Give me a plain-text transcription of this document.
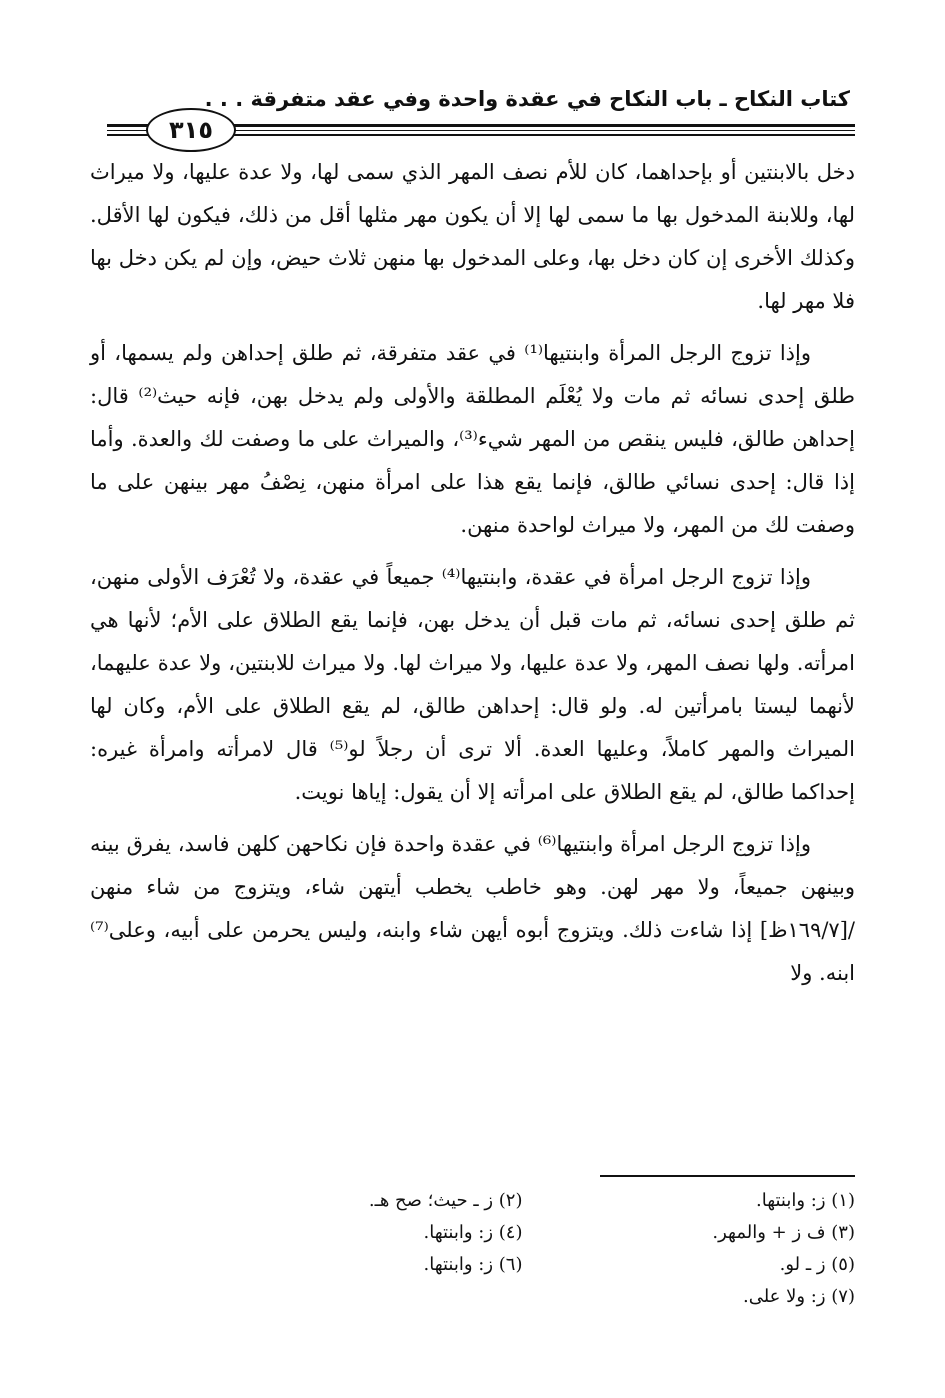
كتاب النكاح ـ باب النكاح في عقدة واحدة وفي عقد متفرقة . . .
٣١٥

دخل بالابنتين أو بإحداهما، كان للأم نصف المهر الذي سمى لها، ولا عدة عليها، ولا ميراث لها، وللابنة المدخول بها ما سمى لها إلا أن يكون مهر مثلها أقل من ذلك، فيكون لها الأقل. وكذلك الأخرى إن كان دخل بها، وعلى المدخول بها منهن ثلاث حيض، وإن لم يكن دخل بها فلا مهر لها.

وإذا تزوج الرجل المرأة وابنتيها⁽¹⁾ في عقد متفرقة، ثم طلق إحداهن ولم يسمها، أو طلق إحدى نسائه ثم مات ولا يُعْلَم المطلقة والأولى ولم يدخل بهن، فإنه حيث⁽²⁾ قال: إحداهن طالق، فليس ينقص من المهر شيء⁽³⁾، والميراث على ما وصفت لك والعدة. وأما إذا قال: إحدى نسائي طالق، فإنما يقع هذا على امرأة منهن، نِصْفُ مهر بينهن على ما وصفت لك من المهر، ولا ميراث لواحدة منهن.

وإذا تزوج الرجل امرأة في عقدة، وابنتيها⁽⁴⁾ جميعاً في عقدة، ولا تُعْرَف الأولى منهن، ثم طلق إحدى نسائه، ثم مات قبل أن يدخل بهن، فإنما يقع الطلاق على الأم؛ لأنها هي امرأته. ولها نصف المهر، ولا عدة عليها، ولا ميراث لها. ولا ميراث للابنتين، ولا عدة عليهما، لأنهما ليستا بامرأتين له. ولو قال: إحداهن طالق، لم يقع الطلاق على الأم، وكان لها الميراث والمهر كاملاً، وعليها العدة. ألا ترى أن رجلاً لو⁽⁵⁾ قال لامرأته وامرأة غيره: إحداكما طالق، لم يقع الطلاق على امرأته إلا أن يقول: إياها نويت.

وإذا تزوج الرجل امرأة وابنتيها⁽⁶⁾ في عقدة واحدة فإن نكاحهن كلهن فاسد، يفرق بينه وبينهن جميعاً، ولا مهر لهن. وهو خاطب يخطب أيتهن شاء، ويتزوج من شاء منهن /[١٦٩/٧ظ] إذا شاءت ذلك. ويتزوج أبوه أيهن شاء وابنه، وليس يحرمن على أبيه، وعلى⁽⁷⁾ ابنه. ولا

(١) ز: وابنتها.
(٢) ز ـ حيث؛ صح هـ.
(٣) ف ز + والمهر.
(٤) ز: وابنتها.
(٥) ز ـ لو.
(٦) ز: وابنتها.
(٧) ز: ولا على.
